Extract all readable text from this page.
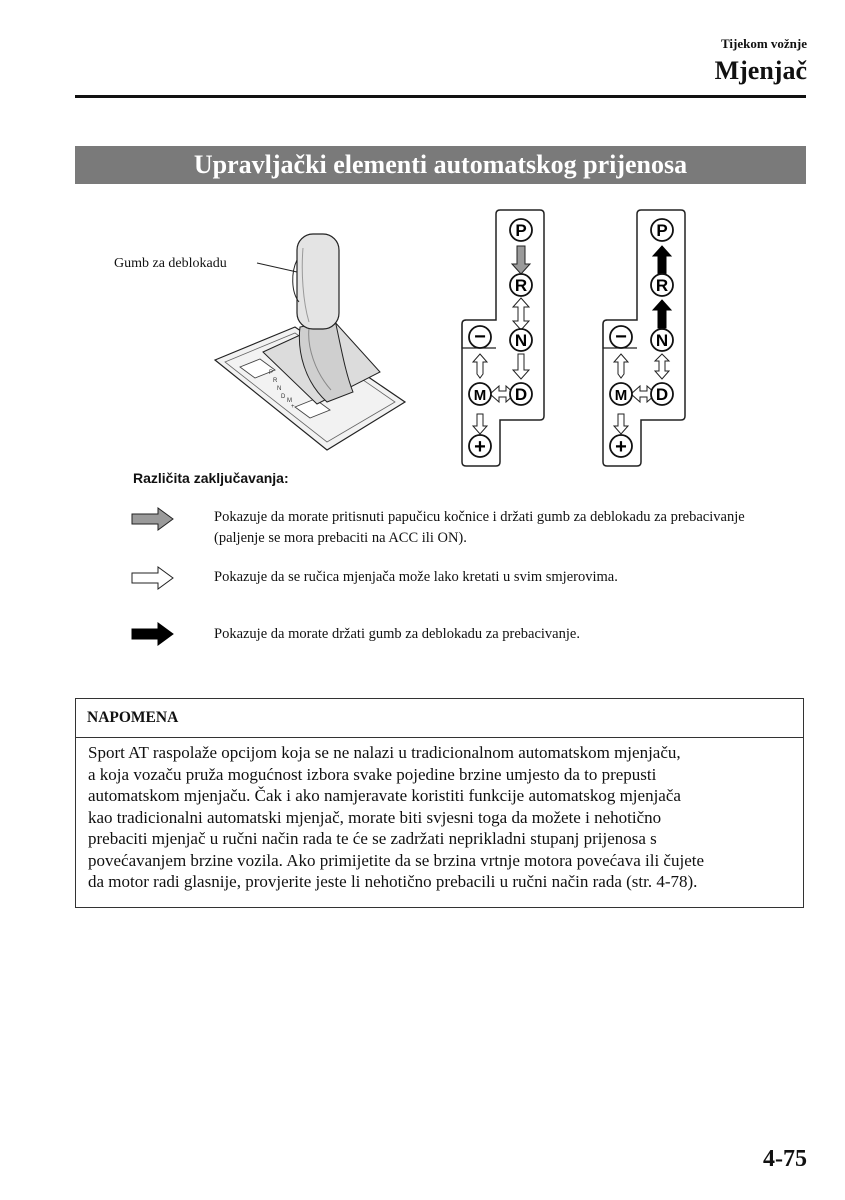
Tijekom vožnje
Mjenjač
Upravljački elementi automatskog prijenosa
Gumb za deblokadu
P
R
N
D
M
+
P
R
N
D
M
−
+
P
R
N
D
M
−
+
Različita zaključavanja:
Pokazuje da morate pritisnuti papučicu kočnice i držati gumb za deblokadu za prebacivanje (paljenje se mora prebaciti na ACC ili ON).
Pokazuje da se ručica mjenjača može lako kretati u svim smjerovima.
Pokazuje da morate držati gumb za deblokadu za prebacivanje.
NAPOMENA
Sport AT raspolaže opcijom koja se ne nalazi u tradicionalnom automatskom mjenjaču,
a koja vozaču pruža mogućnost izbora svake pojedine brzine umjesto da to prepusti
automatskom mjenjaču. Čak i ako namjeravate koristiti funkcije automatskog mjenjača
kao tradicionalni automatski mjenjač, morate biti svjesni toga da možete i nehotično
prebaciti mjenjač u ručni način rada te će se zadržati neprikladni stupanj prijenosa s
povećavanjem brzine vozila. Ako primijetite da se brzina vrtnje motora povećava ili čujete
da motor radi glasnije, provjerite jeste li nehotično prebacili u ručni način rada (str. 4-78).
4-75
